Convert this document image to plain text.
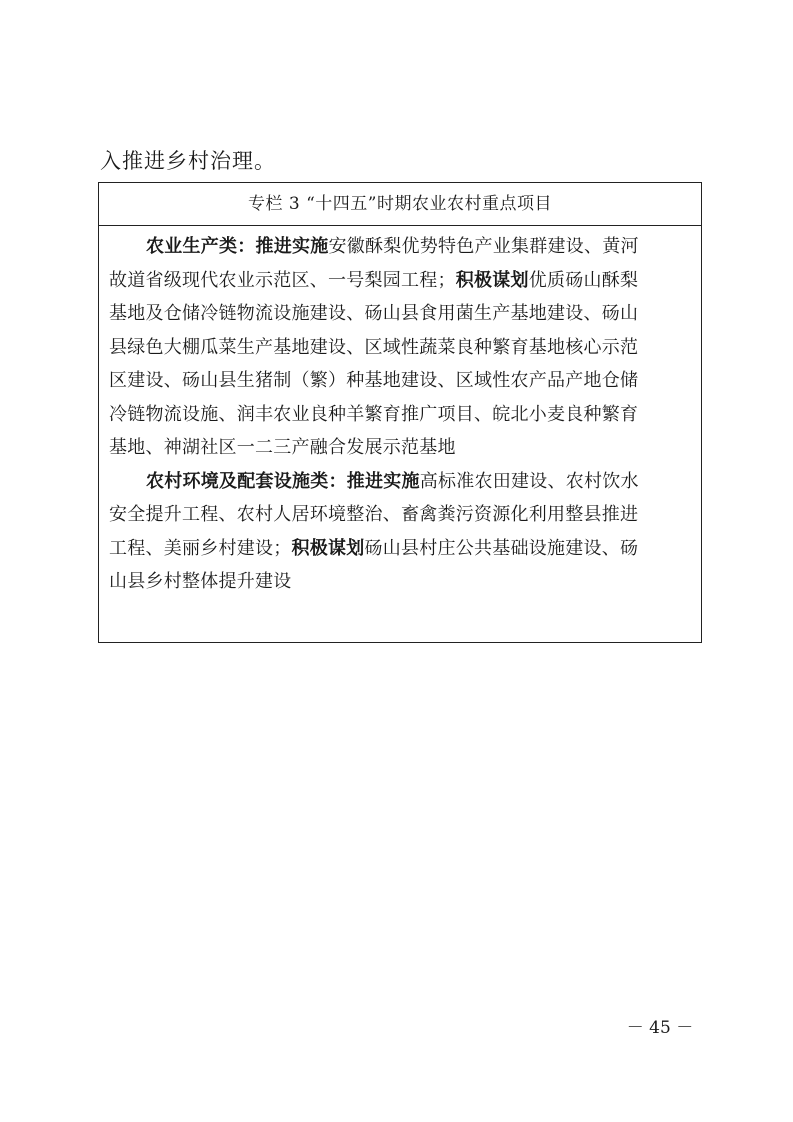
入推进乡村治理。
专栏 3 “十四五”时期农业农村重点项目

农业生产类：推进实施安徽酥梨优势特色产业集群建设、黄河
故道省级现代农业示范区、一号梨园工程；积极谋划优质砀山酥梨
基地及仓储冷链物流设施建设、砀山县食用菌生产基地建设、砀山
县绿色大棚瓜菜生产基地建设、区域性蔬菜良种繁育基地核心示范
区建设、砀山县生猪制（繁）种基地建设、区域性农产品产地仓储
冷链物流设施、润丰农业良种羊繁育推广项目、皖北小麦良种繁育
基地、神湖社区一二三产融合发展示范基地

农村环境及配套设施类：推进实施高标准农田建设、农村饮水
安全提升工程、农村人居环境整治、畜禽粪污资源化利用整县推进
工程、美丽乡村建设；积极谋划砀山县村庄公共基础设施建设、砀
山县乡村整体提升建设

－ 45 －
